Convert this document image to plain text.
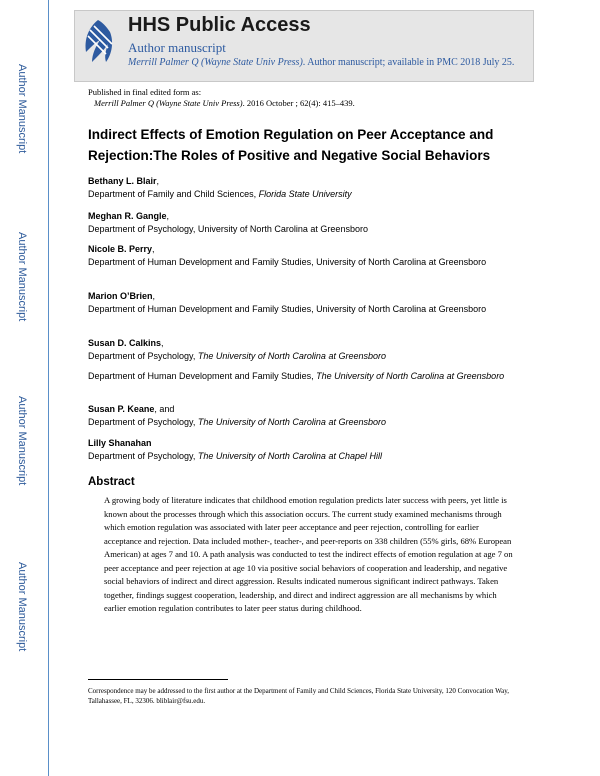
Author Manuscript
Author Manuscript
Author Manuscript
Author Manuscript
HHS Public Access
Author manuscript
Merrill Palmer Q (Wayne State Univ Press). Author manuscript; available in PMC 2018 July 25.
Published in final edited form as:
Merrill Palmer Q (Wayne State Univ Press). 2016 October ; 62(4): 415–439.
Indirect Effects of Emotion Regulation on Peer Acceptance and Rejection:The Roles of Positive and Negative Social Behaviors
Bethany L. Blair,
Department of Family and Child Sciences, Florida State University
Meghan R. Gangle,
Department of Psychology, University of North Carolina at Greensboro
Nicole B. Perry,
Department of Human Development and Family Studies, University of North Carolina at Greensboro
Marion O’Brien,
Department of Human Development and Family Studies, University of North Carolina at Greensboro
Susan D. Calkins,
Department of Psychology, The University of North Carolina at Greensboro
Department of Human Development and Family Studies, The University of North Carolina at Greensboro
Susan P. Keane, and
Department of Psychology, The University of North Carolina at Greensboro
Lilly Shanahan
Department of Psychology, The University of North Carolina at Chapel Hill
Abstract
A growing body of literature indicates that childhood emotion regulation predicts later success with peers, yet little is known about the processes through which this association occurs. The current study examined mechanisms through which emotion regulation was associated with later peer acceptance and peer rejection, controlling for earlier acceptance and rejection. Data included mother-, teacher-, and peer-reports on 338 children (55% girls, 68% European American) at ages 7 and 10. A path analysis was conducted to test the indirect effects of emotion regulation at age 7 on peer acceptance and peer rejection at age 10 via positive social behaviors of cooperation and leadership, and negative social behaviors of indirect and direct aggression. Results indicated numerous significant indirect pathways. Taken together, findings suggest cooperation, leadership, and direct and indirect aggression are all mechanisms by which earlier emotion regulation contributes to later peer status during childhood.
Correspondence may be addressed to the first author at the Department of Family and Child Sciences, Florida State University, 120 Convocation Way, Tallahassee, FL, 32306. bliblair@fsu.edu.
